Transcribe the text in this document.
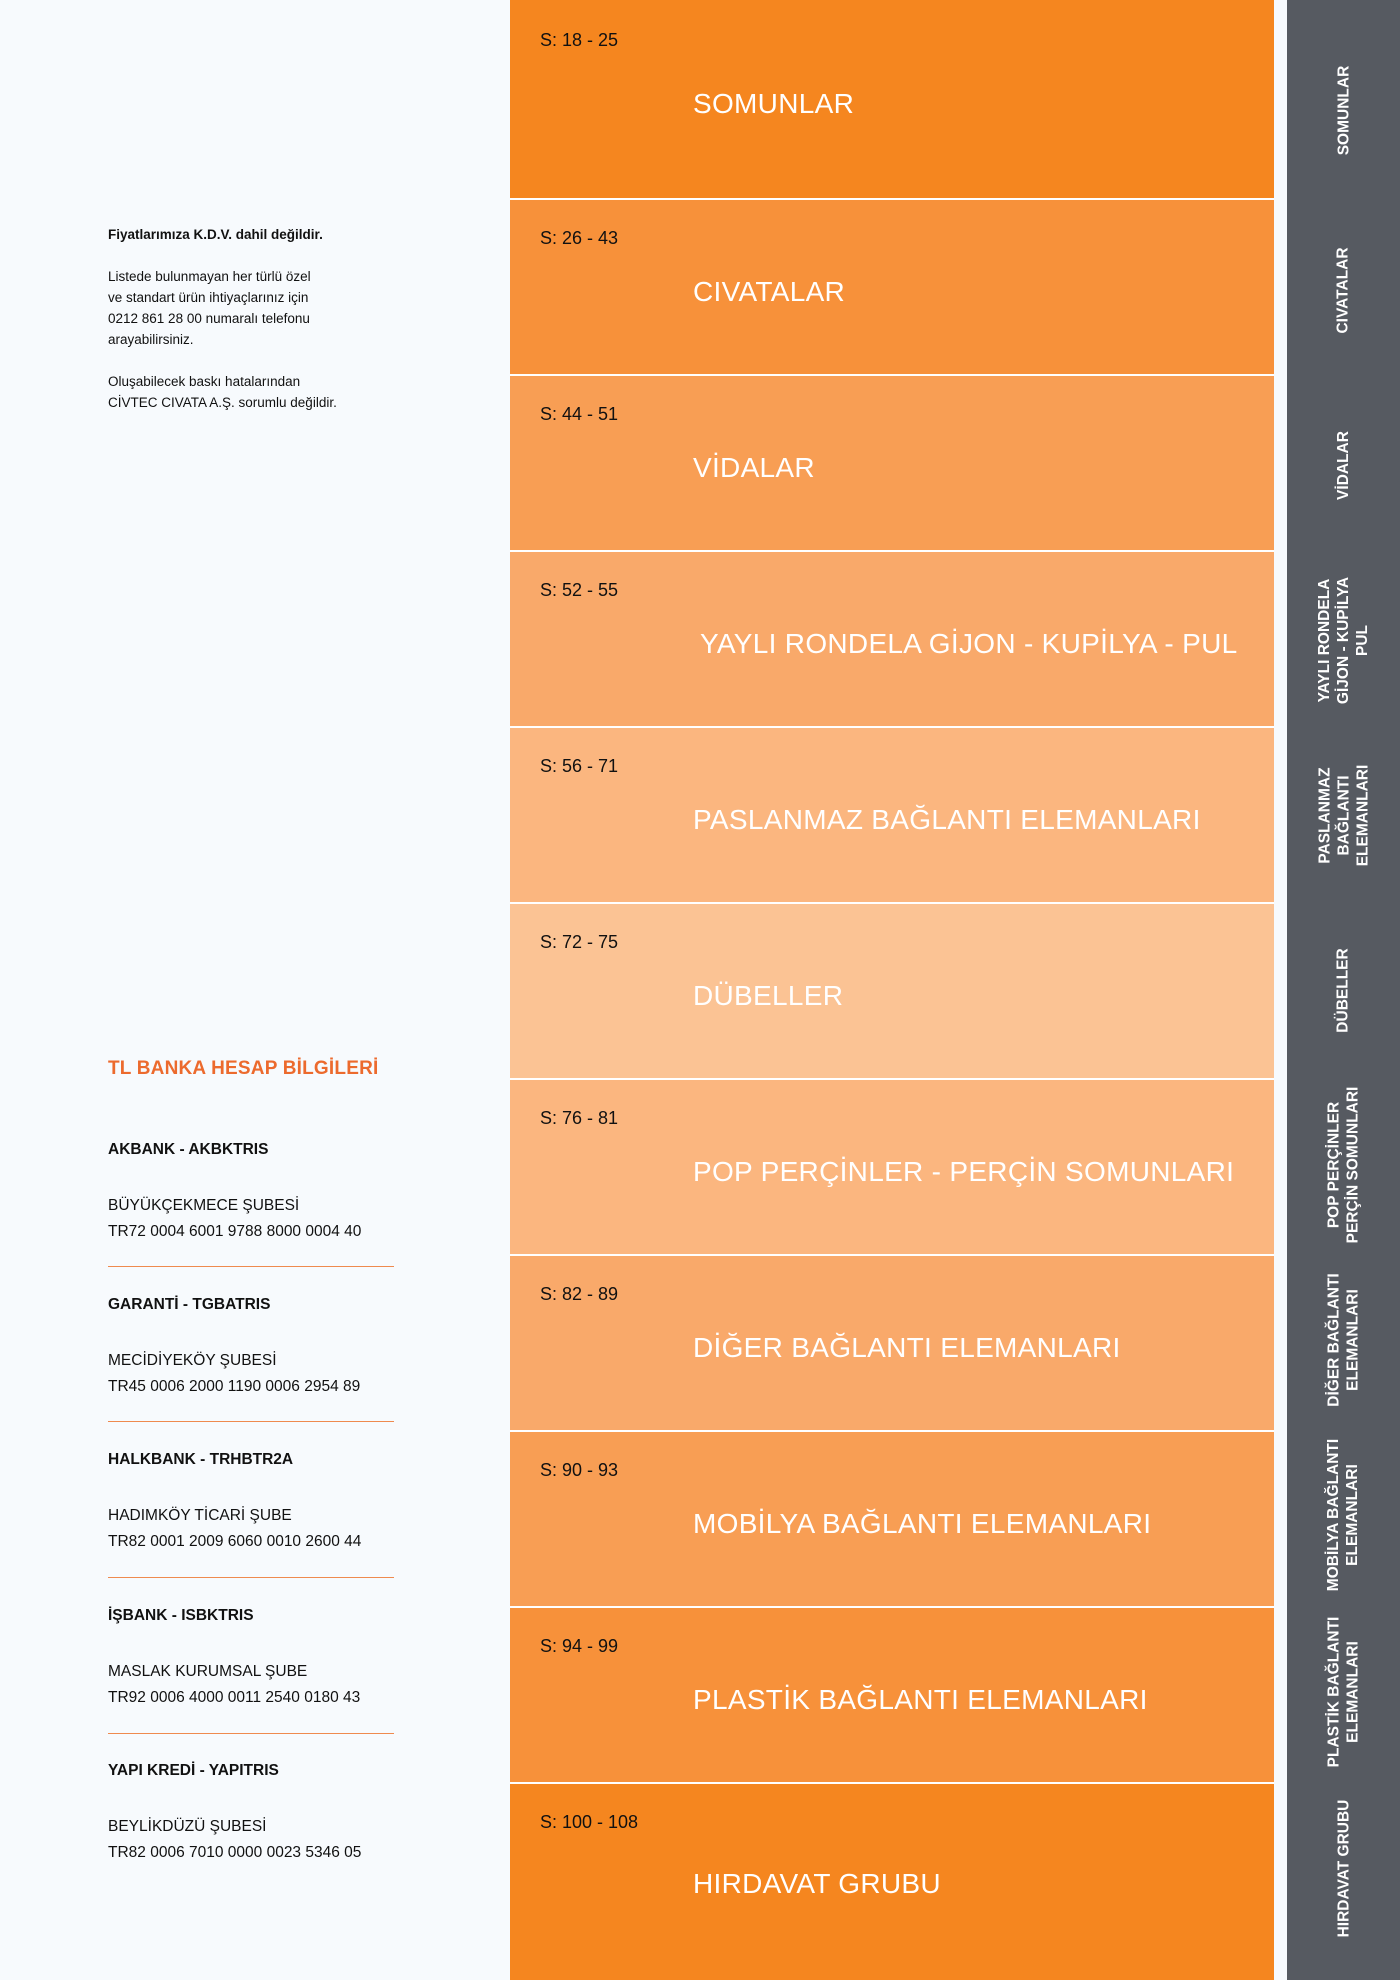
Fiyatlarımıza K.D.V. dahil değildir.
Listede bulunmayan her türlü özel
ve standart ürün ihtiyaçlarınız için
0212 861 28 00 numaralı telefonu
arayabilirsiniz.
Oluşabilecek baskı hatalarından
CİVTEC CIVATA A.Ş. sorumlu değildir.
TL BANKA HESAP BİLGİLERİ
AKBANK - AKBKTRIS
BÜYÜKÇEKMECE ŞUBESİ
TR72 0004 6001 9788 8000 0004 40
GARANTİ - TGBATRIS
MECİDİYEKÖY ŞUBESİ
TR45 0006 2000 1190 0006 2954 89
HALKBANK - TRHBTR2A
HADIMKÖY TİCARİ ŞUBE
TR82 0001 2009 6060 0010 2600 44
İŞBANK - ISBKTRIS
MASLAK KURUMSAL ŞUBE
TR92 0006 4000 0011 2540 0180 43
YAPI KREDİ - YAPITRIS
BEYLİKDÜZÜ ŞUBESİ
TR82 0006 7010 0000 0023 5346 05
S: 18 - 25
SOMUNLAR
S: 26 - 43
CIVATALAR
S: 44 - 51
VİDALAR
S: 52 - 55
YAYLI RONDELA GİJON - KUPİLYA - PUL
S: 56 - 71
PASLANMAZ BAĞLANTI ELEMANLARI
S: 72 - 75
DÜBELLER
S: 76 - 81
POP PERÇİNLER - PERÇİN SOMUNLARI
S: 82 - 89
DİĞER BAĞLANTI ELEMANLARI
S: 90 - 93
MOBİLYA BAĞLANTI ELEMANLARI
S: 94 - 99
PLASTİK BAĞLANTI ELEMANLARI
S: 100 - 108
HIRDAVAT GRUBU
SOMUNLAR
CIVATALAR
VİDALAR
YAYLI RONDELA
GİJON - KUPİLYA
PUL
PASLANMAZ
BAĞLANTI
ELEMANLARI
DÜBELLER
POP PERÇİNLER
PERÇİN SOMUNLARI
DİĞER BAĞLANTI
ELEMANLARI
MOBİLYA BAĞLANTI
ELEMANLARI
PLASTİK BAĞLANTI
ELEMANLARI
HIRDAVAT GRUBU
